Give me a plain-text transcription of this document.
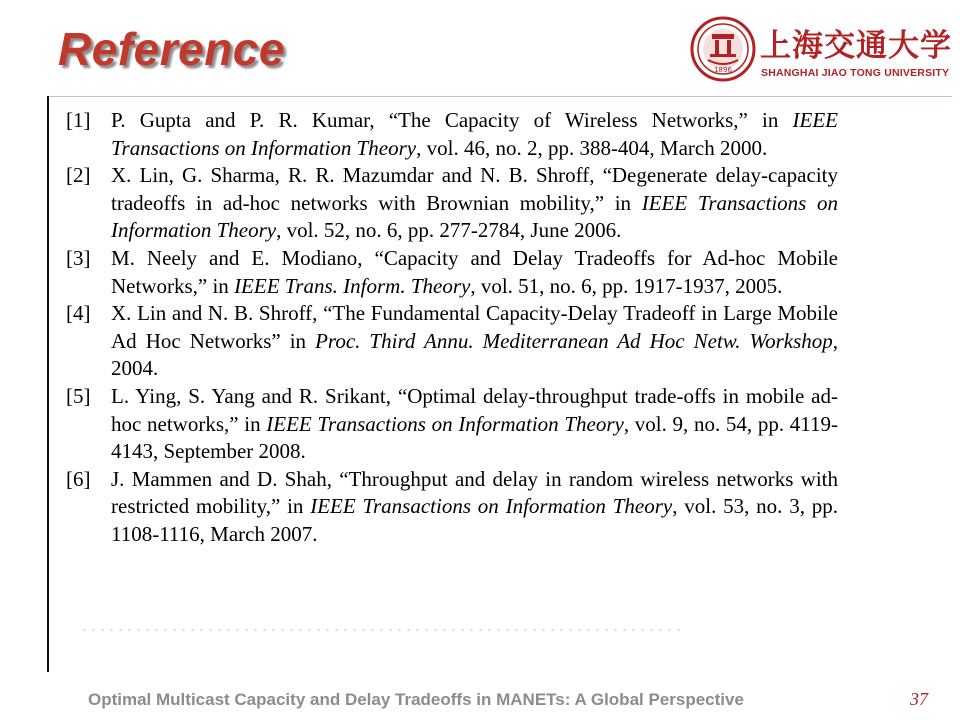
Reference	1896
上海交通大学
SHANGHAI JIAO TONG UNIVERSITY
[1] P. Gupta and P. R. Kumar, “The Capacity of Wireless Networks,” in IEEE Transactions on Information Theory, vol. 46, no. 2, pp. 388-404, March 2000.
[2] X. Lin, G. Sharma, R. R. Mazumdar and N. B. Shroff, “Degenerate delay-capacity tradeoffs in ad-hoc networks with Brownian mobility,” in IEEE Transactions on Information Theory, vol. 52, no. 6, pp. 277-2784, June 2006.
[3] M. Neely and E. Modiano, “Capacity and Delay Tradeoffs for Ad-hoc Mobile Networks,” in IEEE Trans. Inform. Theory, vol. 51, no. 6, pp. 1917-1937, 2005.
[4] X. Lin and N. B. Shroff, “The Fundamental Capacity-Delay Tradeoff in Large Mobile Ad Hoc Networks” in Proc. Third Annu. Mediterranean Ad Hoc Netw. Workshop, 2004.
[5] L. Ying, S. Yang and R. Srikant, “Optimal delay-throughput trade-offs in mobile ad-hoc networks,” in IEEE Transactions on Information Theory, vol. 9, no. 54, pp. 4119-4143, September 2008.
[6] J. Mammen and D. Shah, “Throughput and delay in random wireless networks with restricted mobility,” in IEEE Transactions on Information Theory, vol. 53, no. 3, pp. 1108-1116, March 2007.
Optimal Multicast Capacity and Delay Tradeoffs in MANETs: A Global Perspective	37
